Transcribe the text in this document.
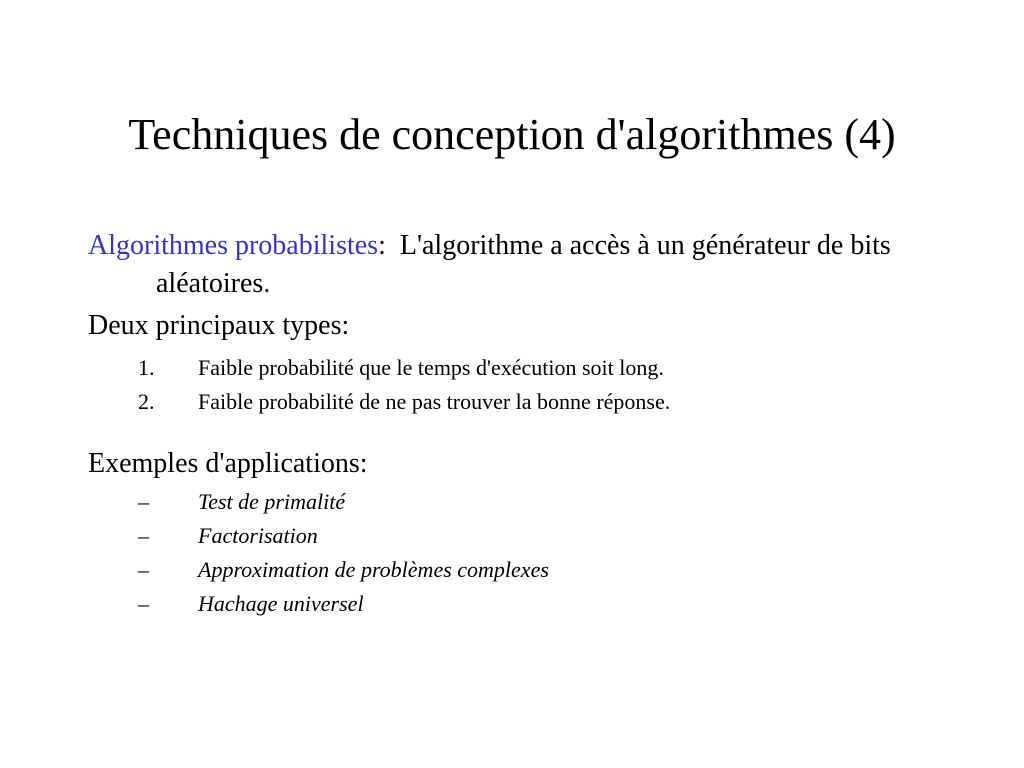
Techniques de conception d'algorithmes (4)
Algorithmes probabilistes: L'algorithme a accès à un générateur de bits aléatoires.
Deux principaux types:
1. Faible probabilité que le temps d'exécution soit long.
2. Faible probabilité de ne pas trouver la bonne réponse.
Exemples d'applications:
– Test de primalité
– Factorisation
– Approximation de problèmes complexes
– Hachage universel
